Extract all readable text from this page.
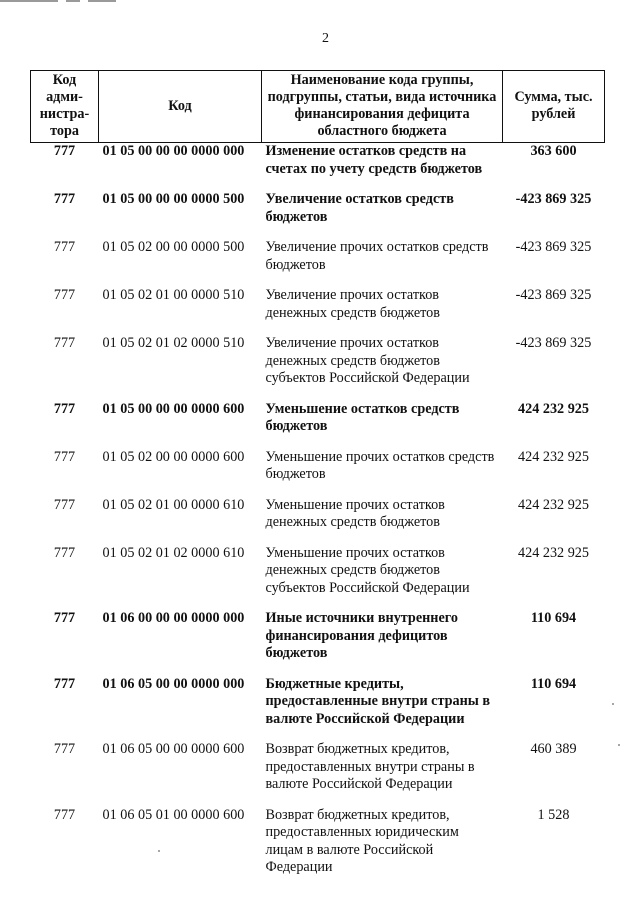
2
Код адми-нистра-тора	Код	Наименование кода группы, подгруппы, статьи, вида источника финансирования дефицита областного бюджета	Сумма, тыс. рублей

777	01 05 00 00 00 0000 000	Изменение остатков средств на счетах по учету средств бюджетов	363 600
777	01 05 00 00 00 0000 500	Увеличение остатков средств бюджетов	-423 869 325
777	01 05 02 00 00 0000 500	Увеличение прочих остатков средств бюджетов	-423 869 325
777	01 05 02 01 00 0000 510	Увеличение прочих остатков денежных средств бюджетов	-423 869 325
777	01 05 02 01 02 0000 510	Увеличение прочих остатков денежных средств бюджетов субъектов Российской Федерации	-423 869 325
777	01 05 00 00 00 0000 600	Уменьшение остатков средств бюджетов	424 232 925
777	01 05 02 00 00 0000 600	Уменьшение прочих остатков средств бюджетов	424 232 925
777	01 05 02 01 00 0000 610	Уменьшение прочих остатков денежных средств бюджетов	424 232 925
777	01 05 02 01 02 0000 610	Уменьшение прочих остатков денежных средств бюджетов субъектов Российской Федерации	424 232 925
777	01 06 00 00 00 0000 000	Иные источники внутреннего финансирования дефицитов бюджетов	110 694
777	01 06 05 00 00 0000 000	Бюджетные кредиты, предоставленные внутри страны в валюте Российской Федерации	110 694
777	01 06 05 00 00 0000 600	Возврат бюджетных кредитов, предоставленных внутри страны в валюте Российской Федерации	460 389
777	01 06 05 01 00 0000 600	Возврат бюджетных кредитов, предоставленных юридическим лицам в валюте Российской Федерации	1 528
